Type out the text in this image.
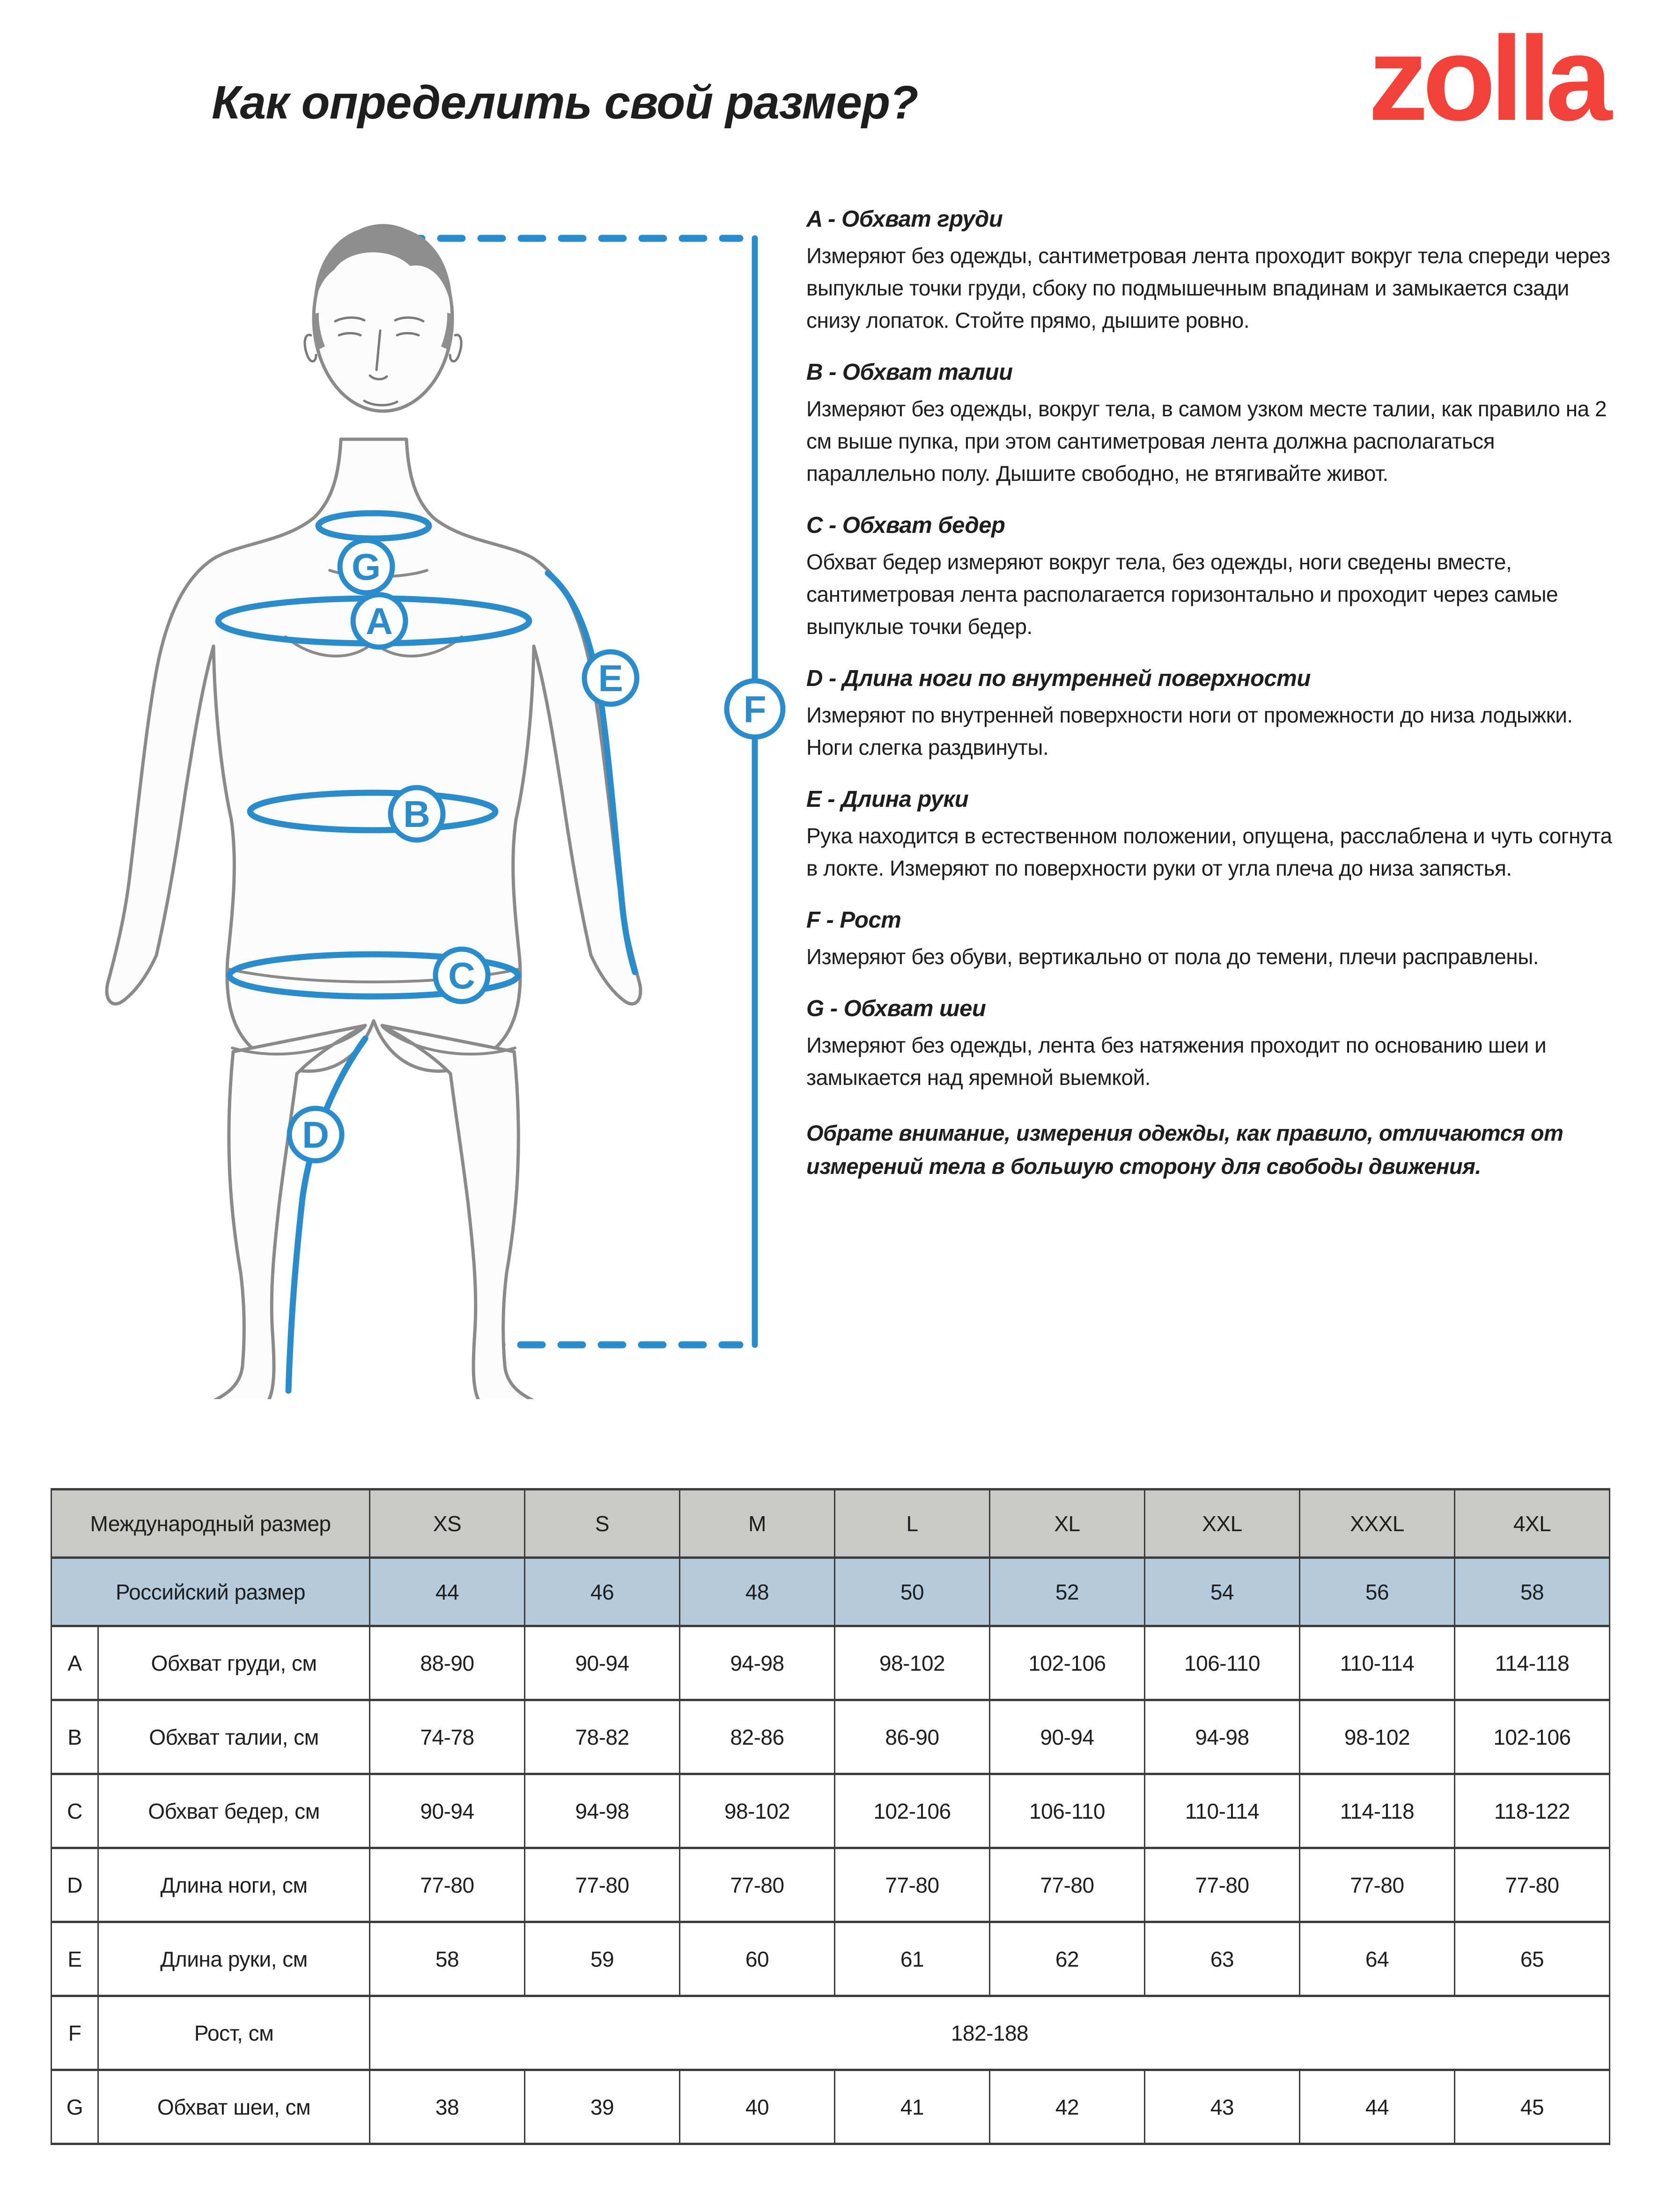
Как определить свой размер?	zolla
G
A
B
C
E
D
F
A - Обхват груди

Измеряют без одежды, сантиметровая лента проходит вокруг тела спереди через выпуклые точки груди, сбоку по подмышечным впадинам и замыкается сзади снизу лопаток. Стойте прямо, дышите ровно.

B - Обхват талии

Измеряют без одежды, вокруг тела, в самом узком месте талии, как правило на 2 см выше пупка, при этом сантиметровая лента должна располагаться параллельно полу. Дышите свободно, не втягивайте живот.

C - Обхват бедер

Обхват бедер измеряют вокруг тела, без одежды, ноги сведены вместе, сантиметровая лента располагается горизонтально и проходит через самые выпуклые точки бедер.

D - Длина ноги по внутренней поверхности

Измеряют по внутренней поверхности ноги от промежности до низа лодыжки.  Ноги слегка раздвинуты.

E - Длина руки

Рука находится в естественном положении, опущена, расслаблена и чуть согнута в локте. Измеряют по поверхности руки от угла плеча до низа запястья.

F - Рост

Измеряют без обуви, вертикально от пола до темени, плечи расправлены.

G - Обхват шеи

Измеряют без одежды, лента без натяжения проходит по основанию шеи и замыкается над яремной выемкой.

Обрате внимание, измерения одежды, как правило, отличаются от измерений тела в большую сторону для свободы движения.

Международный размер		XS	S	M	L	XL	XXL	XXXL	4XL
Российский размер		44	46	48	50	52	54	56	58
A	Обхват груди, см	88-90	90-94	94-98	98-102	102-106	106-110	110-114	114-118
B	Обхват талии, см	74-78	78-82	82-86	86-90	90-94	94-98	98-102	102-106
C	Обхват бедер, см	90-94	94-98	98-102	102-106	106-110	110-114	114-118	118-122
D	Длина ноги, см	77-80	77-80	77-80	77-80	77-80	77-80	77-80	77-80
E	Длина руки, см	58	59	60	61	62	63	64	65
F	Рост, см	182-188							
G	Обхват шеи, см	38	39	40	41	42	43	44	45
